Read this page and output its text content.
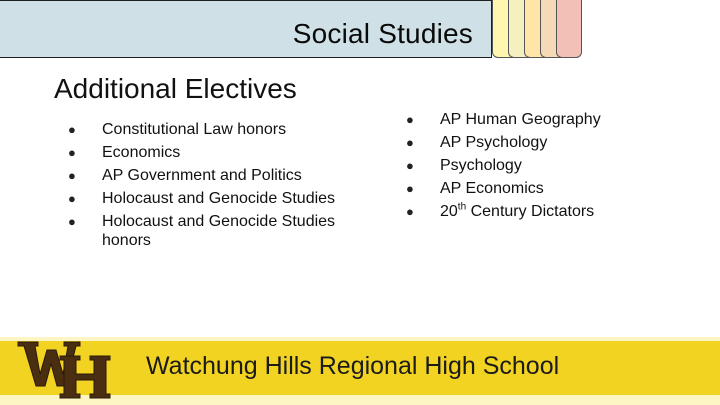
Social Studies
Additional Electives
● Constitutional Law honors
● Economics
● AP Government and Politics
● Holocaust and Genocide Studies
● Holocaust and Genocide Studies honors
● AP Human Geography
● AP Psychology
● Psychology
● AP Economics
● 20th Century Dictators
Watchung Hills Regional High School
